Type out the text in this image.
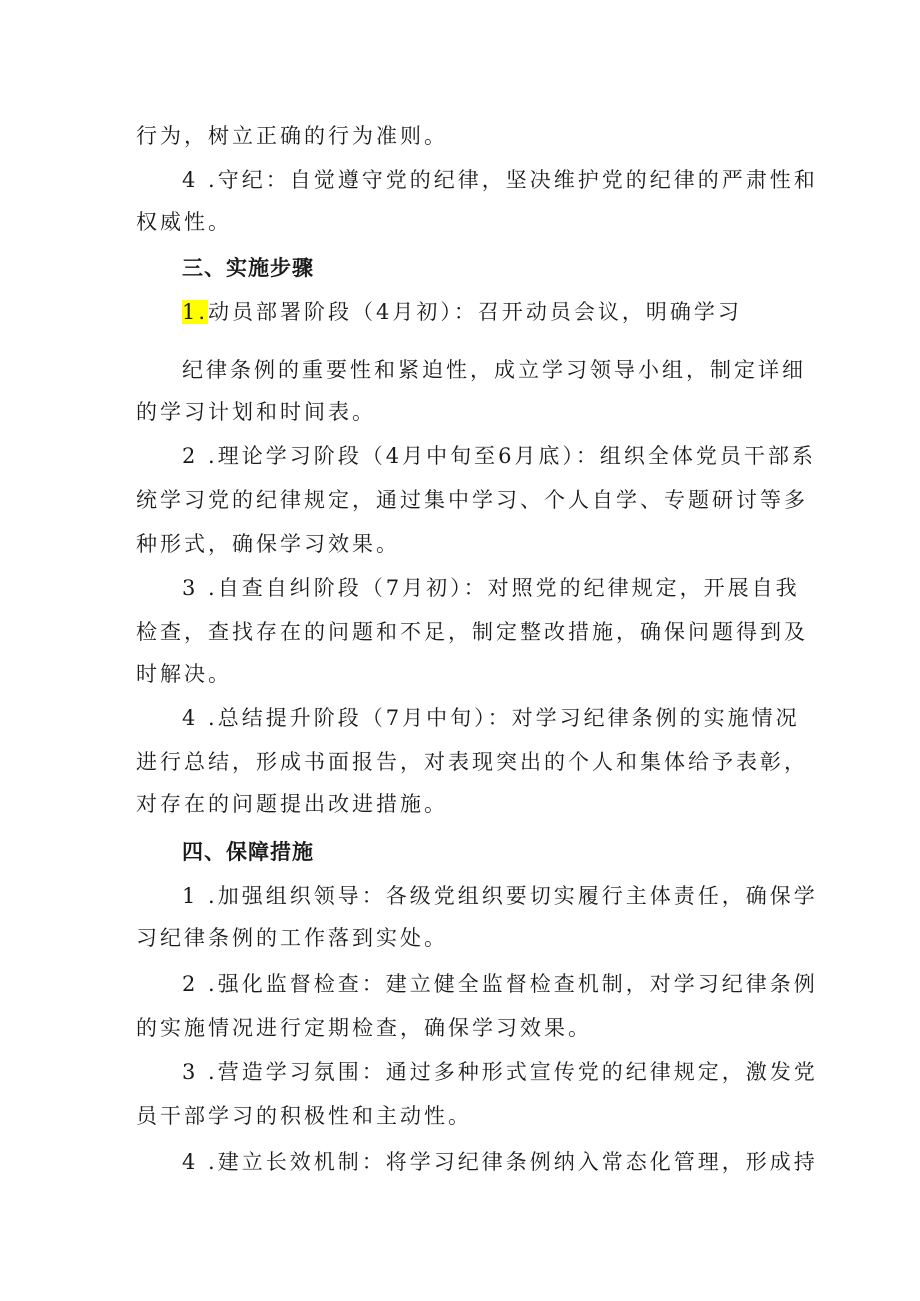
行为，树立正确的行为准则。
4 .守纪：自觉遵守党的纪律，坚决维护党的纪律的严肃性和
权威性。
三、实施步骤
1.动员部署阶段（4月初）：召开动员会议，明确学习
纪律条例的重要性和紧迫性，成立学习领导小组，制定详细
的学习计划和时间表。
2 .理论学习阶段（4月中旬至6月底）：组织全体党员干部系
统学习党的纪律规定，通过集中学习、个人自学、专题研讨等多
种形式，确保学习效果。
3 .自查自纠阶段（7月初）：对照党的纪律规定，开展自我
检查，查找存在的问题和不足，制定整改措施，确保问题得到及
时解决。
4 .总结提升阶段（7月中旬）：对学习纪律条例的实施情况
进行总结，形成书面报告，对表现突出的个人和集体给予表彰，
对存在的问题提出改进措施。
四、保障措施
1 .加强组织领导：各级党组织要切实履行主体责任，确保学
习纪律条例的工作落到实处。
2 .强化监督检查：建立健全监督检查机制，对学习纪律条例
的实施情况进行定期检查，确保学习效果。
3 .营造学习氛围：通过多种形式宣传党的纪律规定，激发党
员干部学习的积极性和主动性。
4 .建立长效机制：将学习纪律条例纳入常态化管理，形成持
